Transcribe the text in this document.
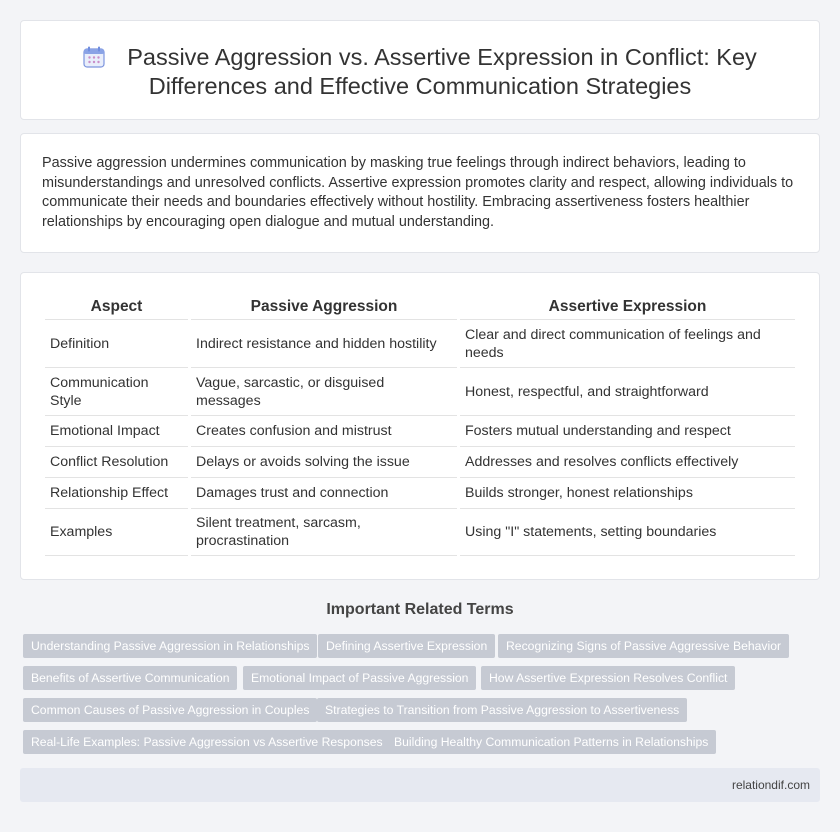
Passive Aggression vs. Assertive Expression in Conflict: Key Differences and Effective Communication Strategies

Passive aggression undermines communication by masking true feelings through indirect behaviors, leading to misunderstandings and unresolved conflicts. Assertive expression promotes clarity and respect, allowing individuals to communicate their needs and boundaries effectively without hostility. Embracing assertiveness fosters healthier relationships by encouraging open dialogue and mutual understanding.

Aspect	Passive Aggression	Assertive Expression
Definition	Indirect resistance and hidden hostility	Clear and direct communication of feelings and needs
Communication Style	Vague, sarcastic, or disguised messages	Honest, respectful, and straightforward
Emotional Impact	Creates confusion and mistrust	Fosters mutual understanding and respect
Conflict Resolution	Delays or avoids solving the issue	Addresses and resolves conflicts effectively
Relationship Effect	Damages trust and connection	Builds stronger, honest relationships
Examples	Silent treatment, sarcasm, procrastination	Using "I" statements, setting boundaries
Important Related Terms
Understanding Passive Aggression in Relationships	Defining Assertive Expression	Recognizing Signs of Passive Aggressive Behavior
Benefits of Assertive Communication	Emotional Impact of Passive Aggression	How Assertive Expression Resolves Conflict
Common Causes of Passive Aggression in Couples	Strategies to Transition from Passive Aggression to Assertiveness
Real-Life Examples: Passive Aggression vs Assertive Responses Building Healthy Communication Patterns in Relationships
relationdif.com
